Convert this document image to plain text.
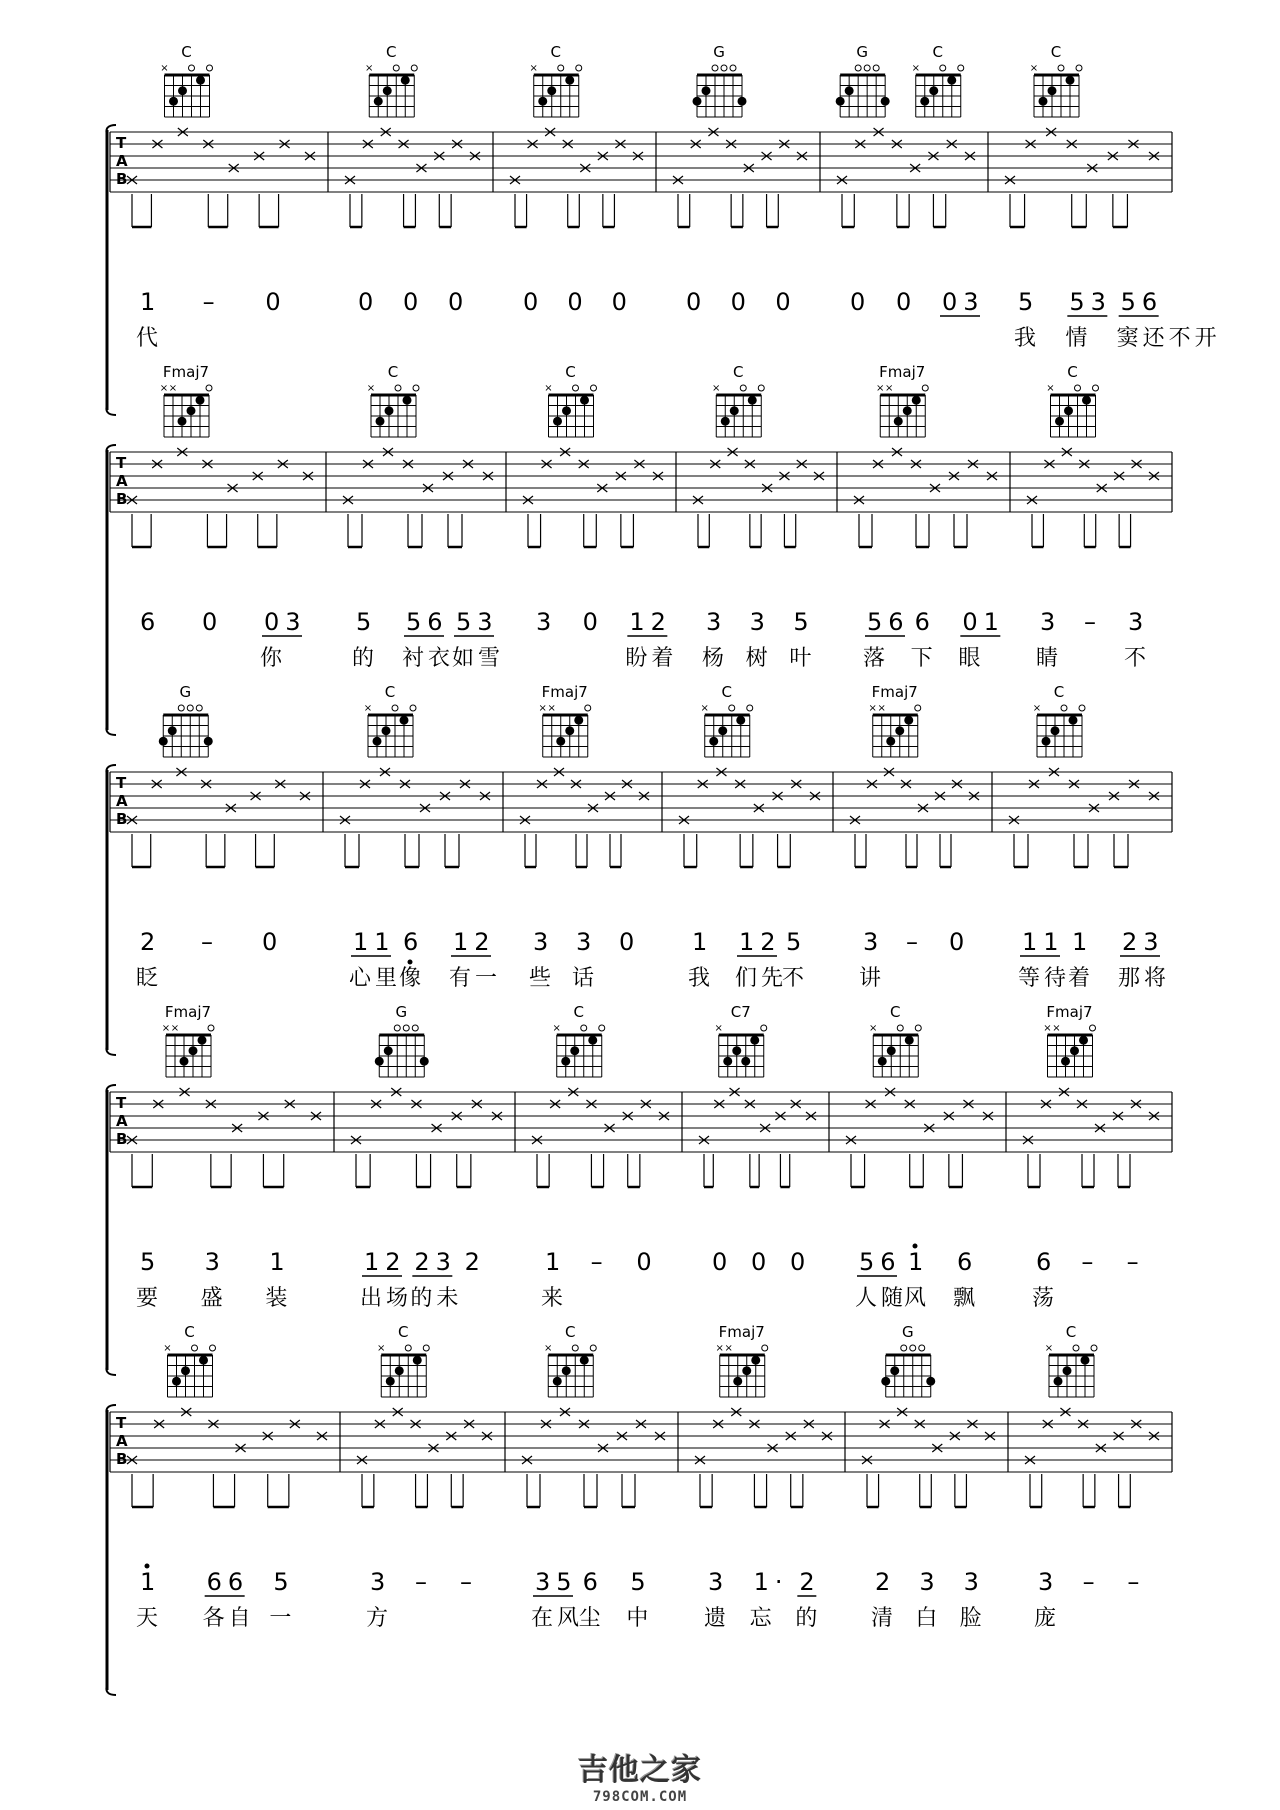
T
A
B
C
×
1 – 0
代
C
×
0 0 0
C
×
0 0 0
G
0 0 0
G	C
×
0 0 03
C
×
5 53 56
我 情 窦还不开
T
A
B
Fmaj7
× ×
6 0 03
你
C
×
5 56 53
的 衬衣
如雪
C
×
3 0 12
盼着
C
×
3 3 5
杨 树 叶
Fmaj7
× ×
56 6 01
落 下 眼
C
×
3 – 3
睛	不
T
A
B
G
2 – 0
眨
C
×
11 6 12
心里
像 有一
Fmaj7
× ×
3 3 0
些 话
C
×
1 12 5
我 们先
不
Fmaj7
× ×
3 – 0
讲
C
×
11 1 23
等待
着 那将
T
A
B
Fmaj7
× ×
5 3 1
要 盛 装
G
12 23 2
出场
的未
C
×
1 – 0
来
C7
×
0 0 0
C
×
56 1 6
人随
风 飘
Fmaj7
× ×
6 – –
荡
T
A
B
C
×
1 66 5
天 各自 一
C
×
3 – –
方
C
×
35 6 5
在风
尘 中
Fmaj7
× ×
3 1· 2
遗 忘 的
G
2 3 3
清 白 脸
C
×
3 – –
庞
吉他之家
798COM.COM
